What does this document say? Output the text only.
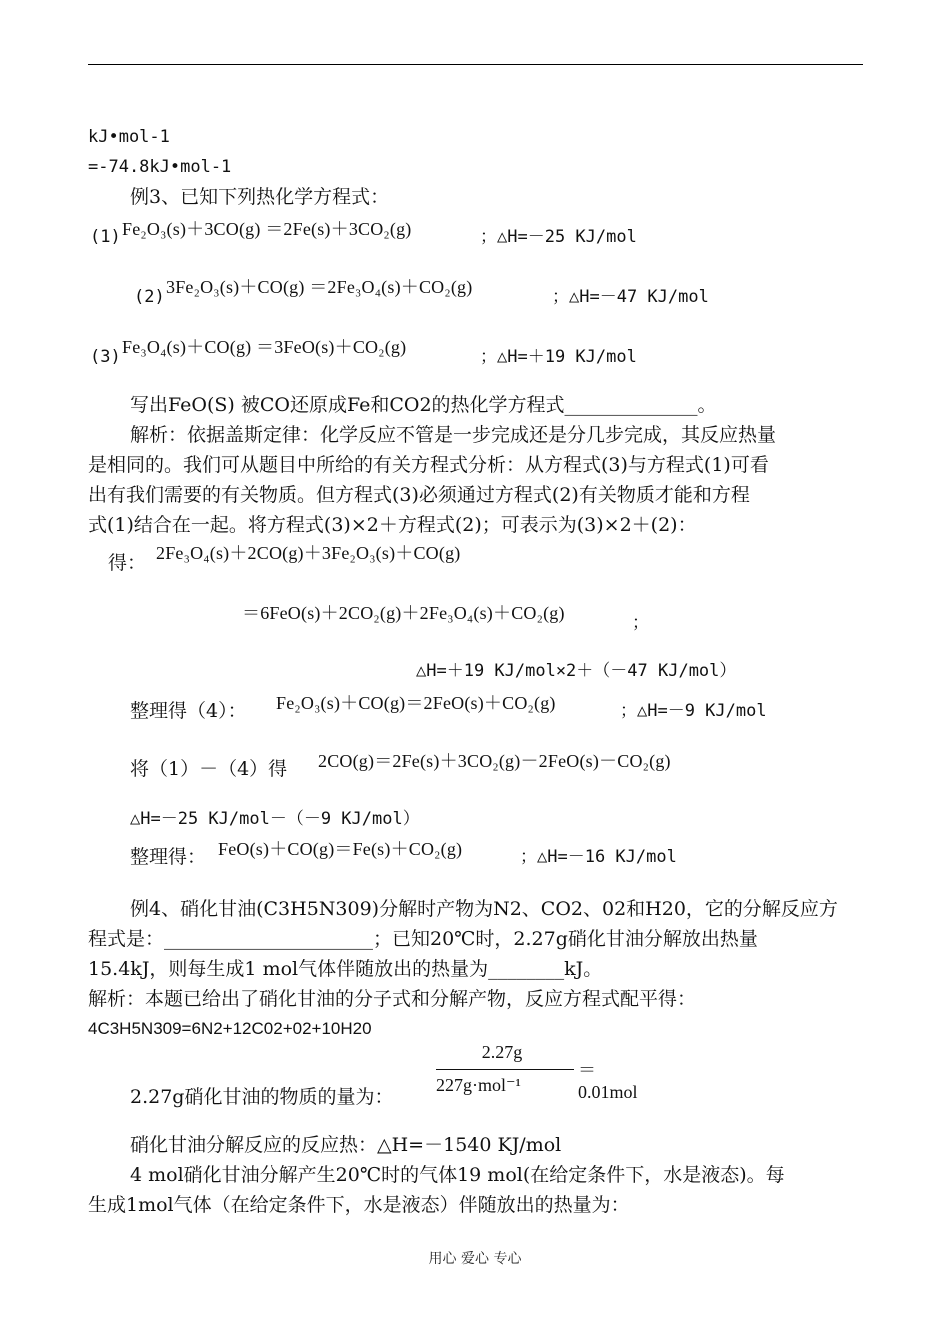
kJ•mol-1
=-74.8kJ•mol-1
例3、已知下列热化学方程式：
(1) Fe₂O₃(s)＋3CO(g) ＝2Fe(s)＋3CO₂(g)	；△H=－25 KJ/mol
(2) 3Fe₂O₃(s)＋CO(g) ＝2Fe₃O₄(s)＋CO₂(g)	；△H=－47 KJ/mol
(3) Fe₃O₄(s)＋CO(g) ＝3FeO(s)＋CO₂(g)	；△H=＋19 KJ/mol
写出FeO(S) 被CO还原成Fe和CO2的热化学方程式______________。
解析：依据盖斯定律：化学反应不管是一步完成还是分几步完成，其反应热量
是相同的。我们可从题目中所给的有关方程式分析：从方程式(3)与方程式(1)可看
出有我们需要的有关物质。但方程式(3)必须通过方程式(2)有关物质才能和方程
式(1)结合在一起。将方程式(3)×2＋方程式(2)；可表示为(3)×2＋(2)：
得： 2Fe₃O₄(s)＋2CO(g)＋3Fe₂O₃(s)＋CO(g)
＝6FeO(s)＋2CO₂(g)＋2Fe₃O₄(s)＋CO₂(g)	；
△H=＋19 KJ/mol×2＋（－47 KJ/mol）
整理得（4）： Fe₂O₃(s)＋CO(g)＝2FeO(s)＋CO₂(g)	；△H=－9 KJ/mol
将（1）－（4）得 2CO(g)＝2Fe(s)＋3CO₂(g)－2FeO(s)－CO₂(g)
△H=－25 KJ/mol－（－9 KJ/mol）
整理得： FeO(s)＋CO(g)＝Fe(s)＋CO₂(g)	；△H=－16 KJ/mol
例4、硝化甘油(C3H5N309)分解时产物为N2、CO2、02和H20，它的分解反应方
程式是：______________________；已知20℃时，2.27g硝化甘油分解放出热量
15.4kJ，则每生成1 mol气体伴随放出的热量为________kJ。
解析：本题已给出了硝化甘油的分子式和分解产物，反应方程式配平得：
4C3H5N309=6N2+12C02+02+10H20
2.27g
227g·mol⁻¹
＝0.01mol
2.27g硝化甘油的物质的量为：
硝化甘油分解反应的反应热：△H=－1540 KJ/mol
4 mol硝化甘油分解产生20℃时的气体19 mol(在给定条件下，水是液态)。每
生成1mol气体（在给定条件下，水是液态）伴随放出的热量为：
用心 爱心 专心
